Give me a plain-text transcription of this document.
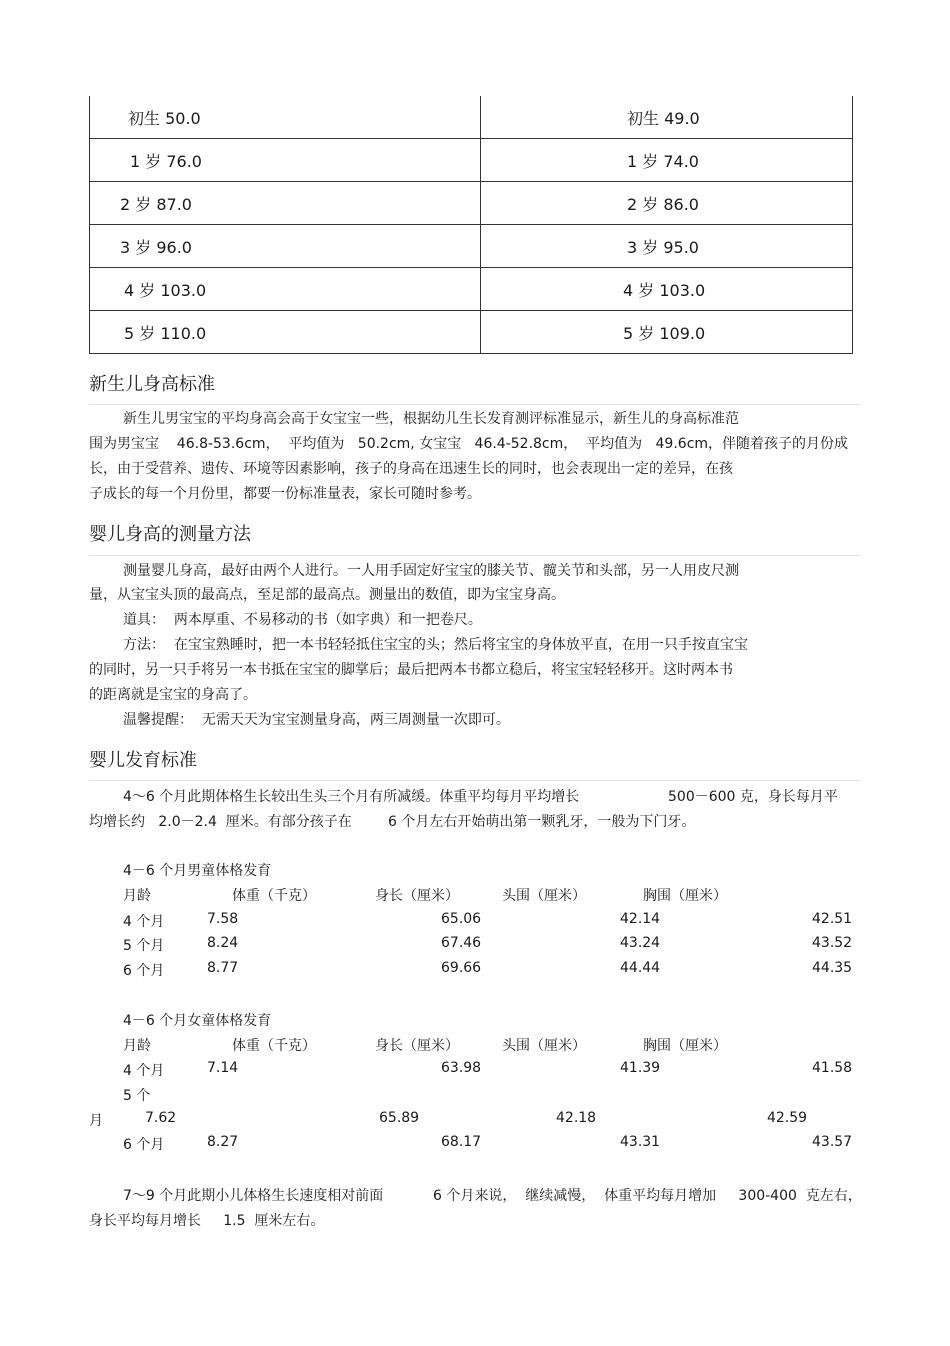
初生 50.0	初生 49.0
1 岁 76.0	1 岁 74.0
2 岁 87.0	2 岁 86.0
3 岁 96.0	3 岁 95.0
4 岁 103.0	4 岁 103.0
5 岁 110.0	5 岁 109.0
新生儿身高标准
新生儿男宝宝的平均身高会高于女宝宝一些，根据幼儿生长发育测评标准显示，新生儿的身高标准范
围为男宝宝    46.8-53.6cm，  平均值为   50.2cm, 女宝宝   46.4-52.8cm，  平均值为   49.6cm，伴随着孩子的月份成
长，由于受营养、遗传、环境等因素影响，孩子的身高在迅速生长的同时，也会表现出一定的差异，在孩
子成长的每一个月份里，都要一份标准量表，家长可随时参考。
婴儿身高的测量方法
测量婴儿身高，最好由两个人进行。一人用手固定好宝宝的膝关节、髋关节和头部，另一人用皮尺测
量，从宝宝头顶的最高点，至足部的最高点。测量出的数值，即为宝宝身高。
道具：  两本厚重、不易移动的书（如字典）和一把卷尺。
方法：  在宝宝熟睡时，把一本书轻轻抵住宝宝的头；然后将宝宝的身体放平直，在用一只手按直宝宝
的同时，另一只手将另一本书抵在宝宝的脚掌后；最后把两本书都立稳后，将宝宝轻轻移开。这时两本书
的距离就是宝宝的身高了。
温馨提醒：  无需天天为宝宝测量身高，两三周测量一次即可。
婴儿发育标准
4～6 个月此期体格生长较出生头三个月有所减缓。体重平均每月平均增长	500－600 克，身长每月平
均增长约   2.0－2.4  厘米。有部分孩子在	6 个月左右开始萌出第一颗乳牙，一般为下门牙。
4－6 个月男童体格发育
月龄	体重（千克）	身长（厘米）	头围（厘米）	胸围（厘米）
4 个月	7.58	65.06	42.14	42.51
5 个月	8.24	67.46	43.24	43.52
6 个月	8.77	69.66	44.44	44.35
4－6 个月女童体格发育
月龄	体重（千克）	身长（厘米）	头围（厘米）	胸围（厘米）
4 个月	7.14	63.98	41.39	41.58
5 个
月	7.62	65.89	42.18	42.59
6 个月	8.27	68.17	43.31	43.57
7～9 个月此期小儿体格生长速度相对前面	6 个月来说，  继续减慢，  体重平均每月增加     300-400  克左右，
身长平均每月增长     1.5  厘米左右。
